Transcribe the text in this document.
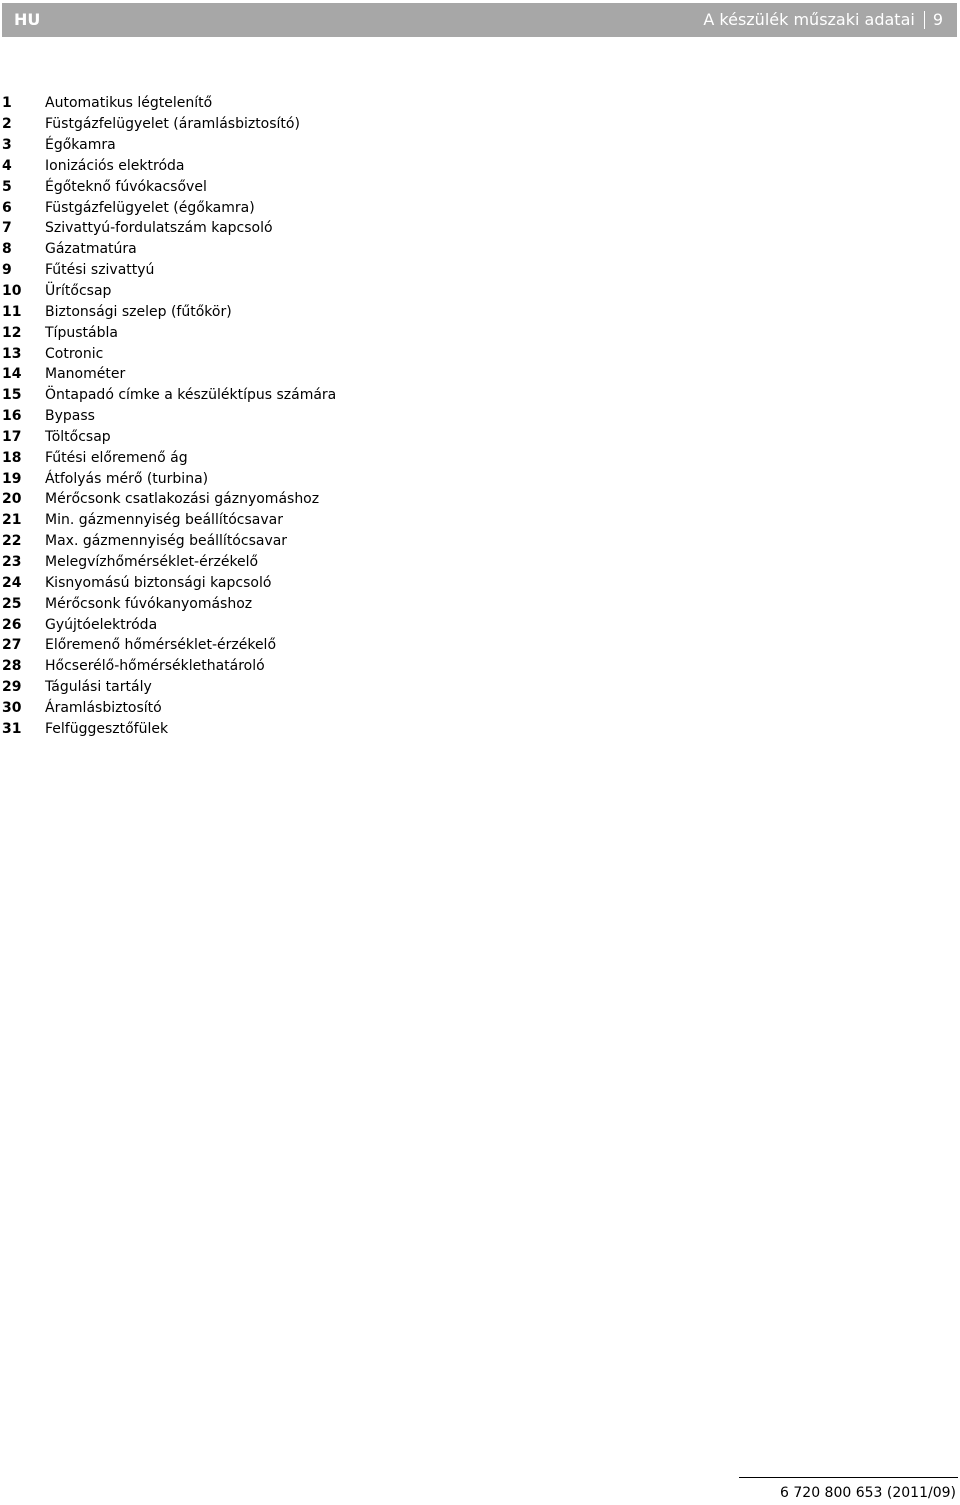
HU	A készülék műszaki adatai 9
1	Automatikus légtelenítő
2	Füstgázfelügyelet (áramlásbiztosító)
3	Égőkamra
4	Ionizációs elektróda
5	Égőteknő fúvókacsővel
6	Füstgázfelügyelet (égőkamra)
7	Szivattyú-fordulatszám kapcsoló
8	Gázatmatúra
9	Fűtési szivattyú
10	Ürítőcsap
11	Biztonsági szelep (fűtőkör)
12	Típustábla
13	Cotronic
14	Manométer
15	Öntapadó címke a készüléktípus számára
16	Bypass
17	Töltőcsap
18	Fűtési előremenő ág
19	Átfolyás mérő (turbina)
20	Mérőcsonk csatlakozási gáznyomáshoz
21	Min. gázmennyiség beállítócsavar
22	Max. gázmennyiség beállítócsavar
23	Melegvízhőmérséklet-érzékelő
24	Kisnyomású biztonsági kapcsoló
25	Mérőcsonk fúvókanyomáshoz
26	Gyújtóelektróda
27	Előremenő hőmérséklet-érzékelő
28	Hőcserélő-hőmérséklethatároló
29	Tágulási tartály
30	Áramlásbiztosító
31	Felfüggesztőfülek
6 720 800 653 (2011/09)
